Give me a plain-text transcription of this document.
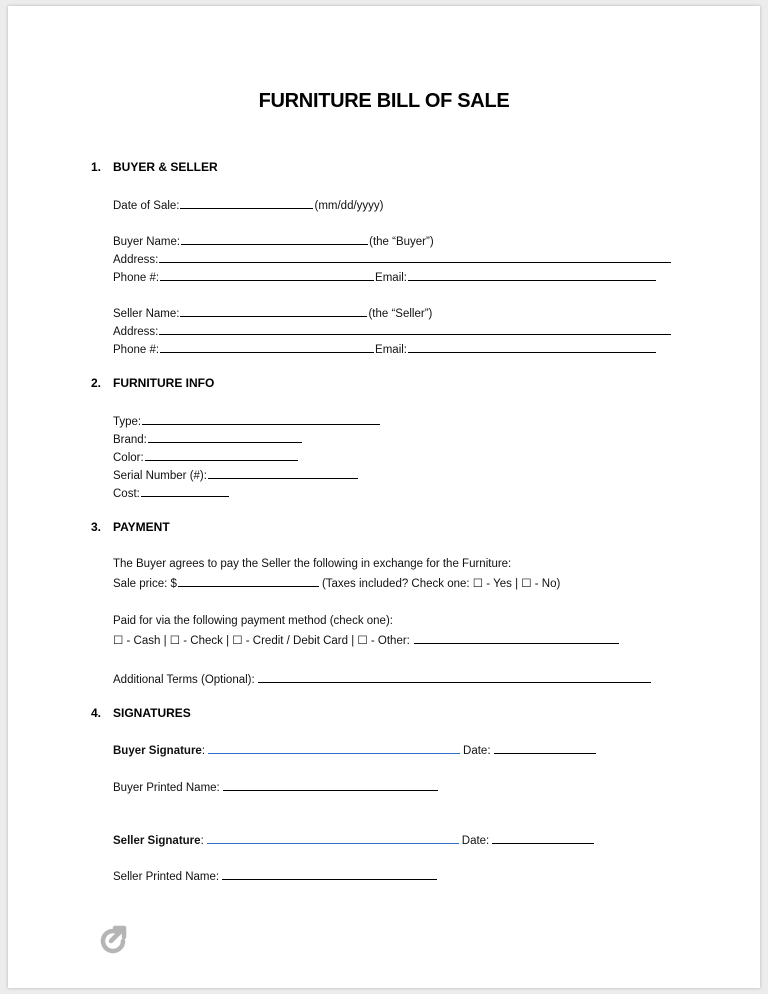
FURNITURE BILL OF SALE
1. BUYER & SELLER
Date of Sale:	(mm/dd/yyyy)
Buyer Name:	(the “Buyer”)
Address:
Phone #:	Email:
Seller Name:	(the “Seller”)
Address:
Phone #:	Email:
2. FURNITURE INFO
Type:
Brand:
Color:
Serial Number (#):
Cost:
3. PAYMENT
The Buyer agrees to pay the Seller the following in exchange for the Furniture:
Sale price: $	(Taxes included? Check one: ☐ - Yes | ☐ - No)
Paid for via the following payment method (check one):
☐ - Cash | ☐ - Check | ☐ - Credit / Debit Card | ☐ - Other:
Additional Terms (Optional):
4. SIGNATURES
Buyer Signature :	Date:
Buyer Printed Name:
Seller Signature :	Date:
Seller Printed Name:
